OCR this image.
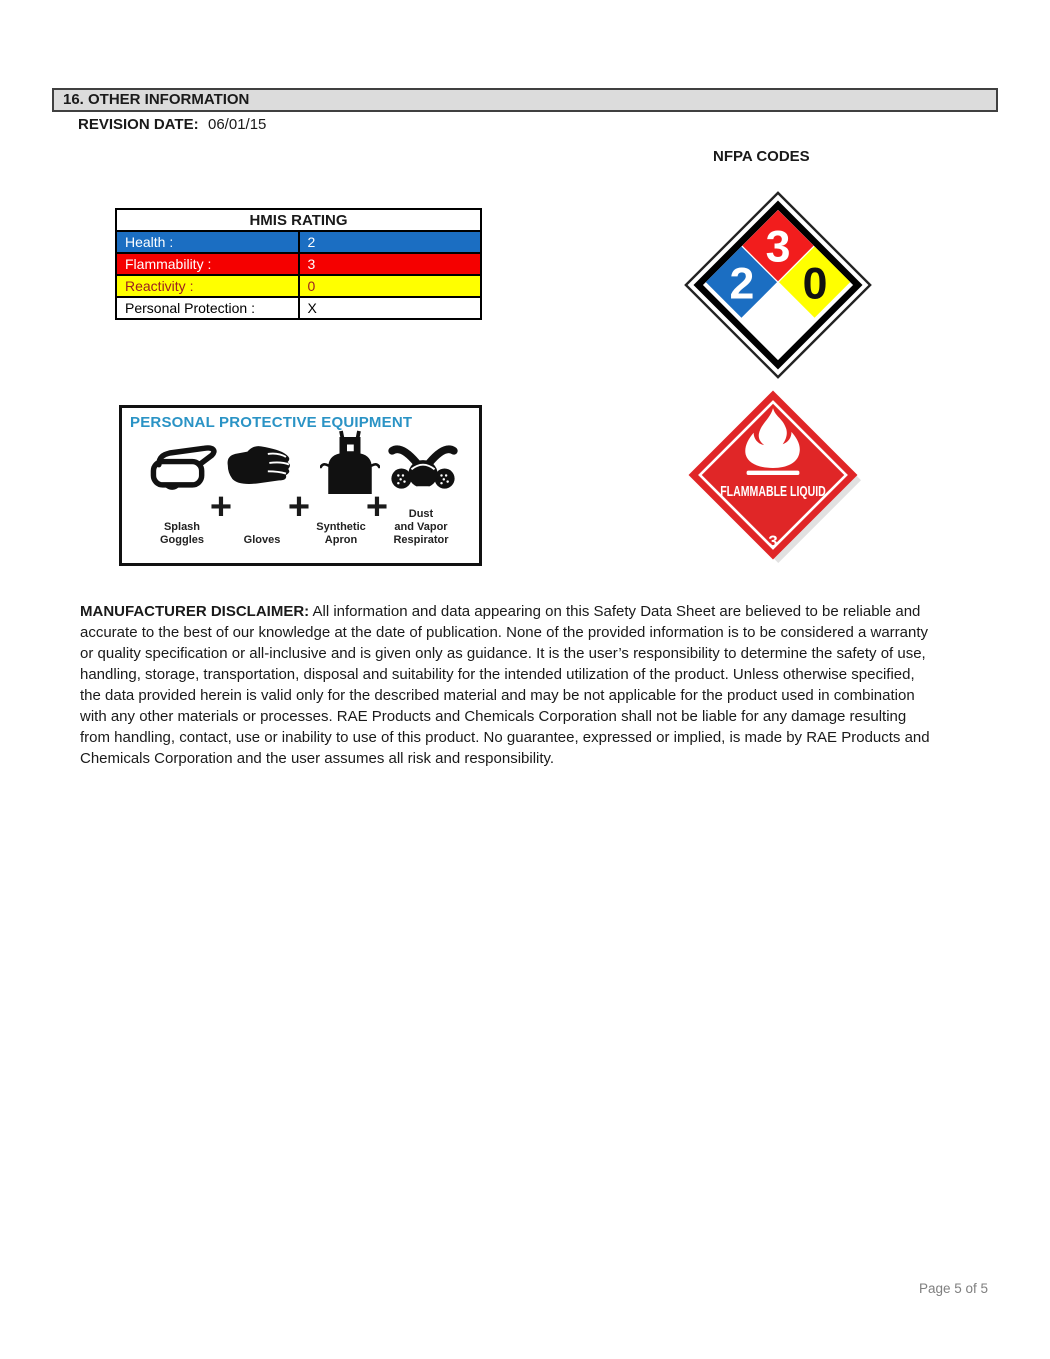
16. OTHER INFORMATION
REVISION DATE: 06/01/15
NFPA CODES
HMIS RATING	
Health :	2
Flammability :	3
Reactivity :	0
Personal Protection :	X
3
2 0
PERSONAL PROTECTIVE EQUIPMENT
+ + +
Splash
Goggles	Gloves
Synthetic
Apron
Dust
and Vapor
Respirator
FLAMMABLE LIQUID
3
MANUFACTURER DISCLAIMER: All information and data appearing on this Safety Data Sheet are believed to be reliable and accurate to the best of our knowledge at the date of publication. None of the provided information is to be considered a warranty or quality specification or all-inclusive and is given only as guidance. It is the user’s responsibility to determine the safety of use, handling, storage, transportation, disposal and suitability for the intended utilization of the product. Unless otherwise specified, the data provided herein is valid only for the described material and may be not applicable for the product used in combination with any other materials or processes. RAE Products and Chemicals Corporation shall not be liable for any damage resulting from handling, contact, use or inability to use of this product. No guarantee, expressed or implied, is made by RAE Products and Chemicals Corporation and the user assumes all risk and responsibility.
Page 5 of 5
